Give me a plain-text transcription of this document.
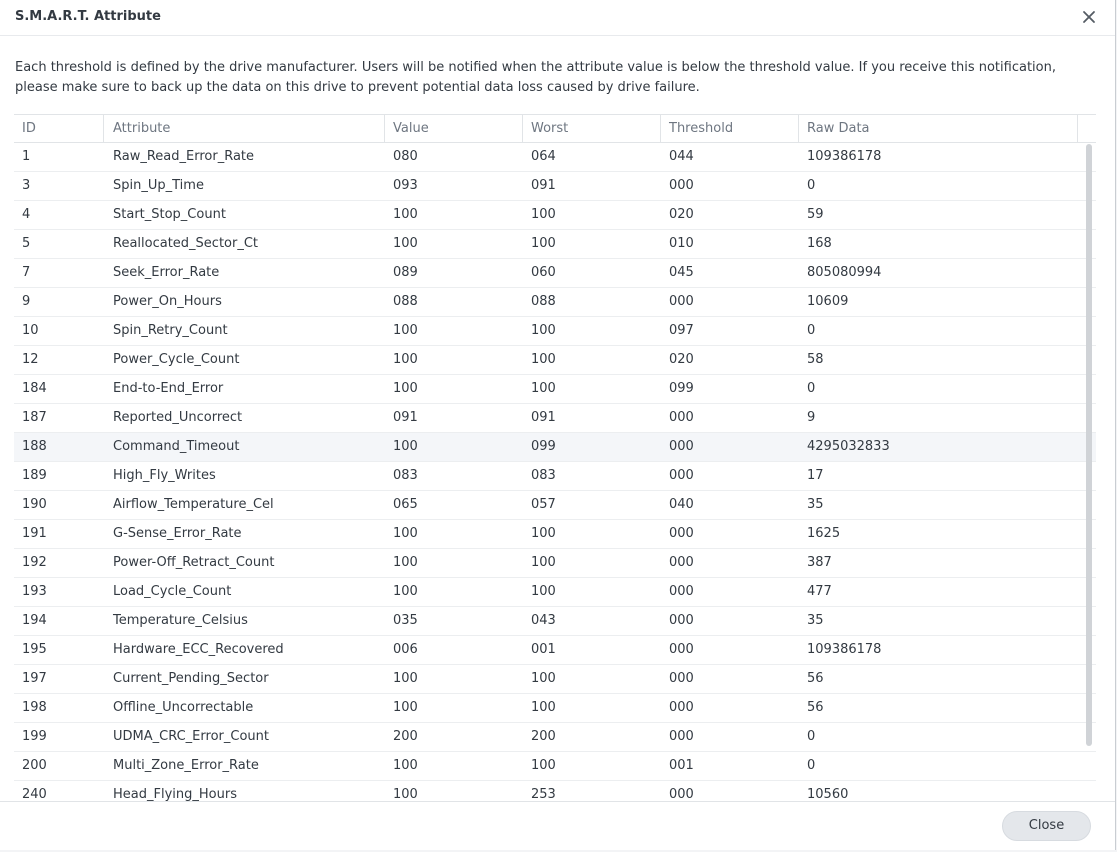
S.M.A.R.T. Attribute
Each threshold is defined by the drive manufacturer. Users will be notified when the attribute value is below the threshold value. If you receive this notification, please make sure to back up the data on this drive to prevent potential data loss caused by drive failure.
ID	Attribute	Value	Worst	Threshold	Raw Data
1	Raw_Read_Error_Rate	080	064	044	109386178
3	Spin_Up_Time	093	091	000	0
4	Start_Stop_Count	100	100	020	59
5	Reallocated_Sector_Ct	100	100	010	168
7	Seek_Error_Rate	089	060	045	805080994
9	Power_On_Hours	088	088	000	10609
10	Spin_Retry_Count	100	100	097	0
12	Power_Cycle_Count	100	100	020	58
184	End-to-End_Error	100	100	099	0
187	Reported_Uncorrect	091	091	000	9
188	Command_Timeout	100	099	000	4295032833
189	High_Fly_Writes	083	083	000	17
190	Airflow_Temperature_Cel	065	057	040	35
191	G-Sense_Error_Rate	100	100	000	1625
192	Power-Off_Retract_Count	100	100	000	387
193	Load_Cycle_Count	100	100	000	477
194	Temperature_Celsius	035	043	000	35
195	Hardware_ECC_Recovered	006	001	000	109386178
197	Current_Pending_Sector	100	100	000	56
198	Offline_Uncorrectable	100	100	000	56
199	UDMA_CRC_Error_Count	200	200	000	0
200	Multi_Zone_Error_Rate	100	100	001	0
240	Head_Flying_Hours	100	253	000	10560
Close
